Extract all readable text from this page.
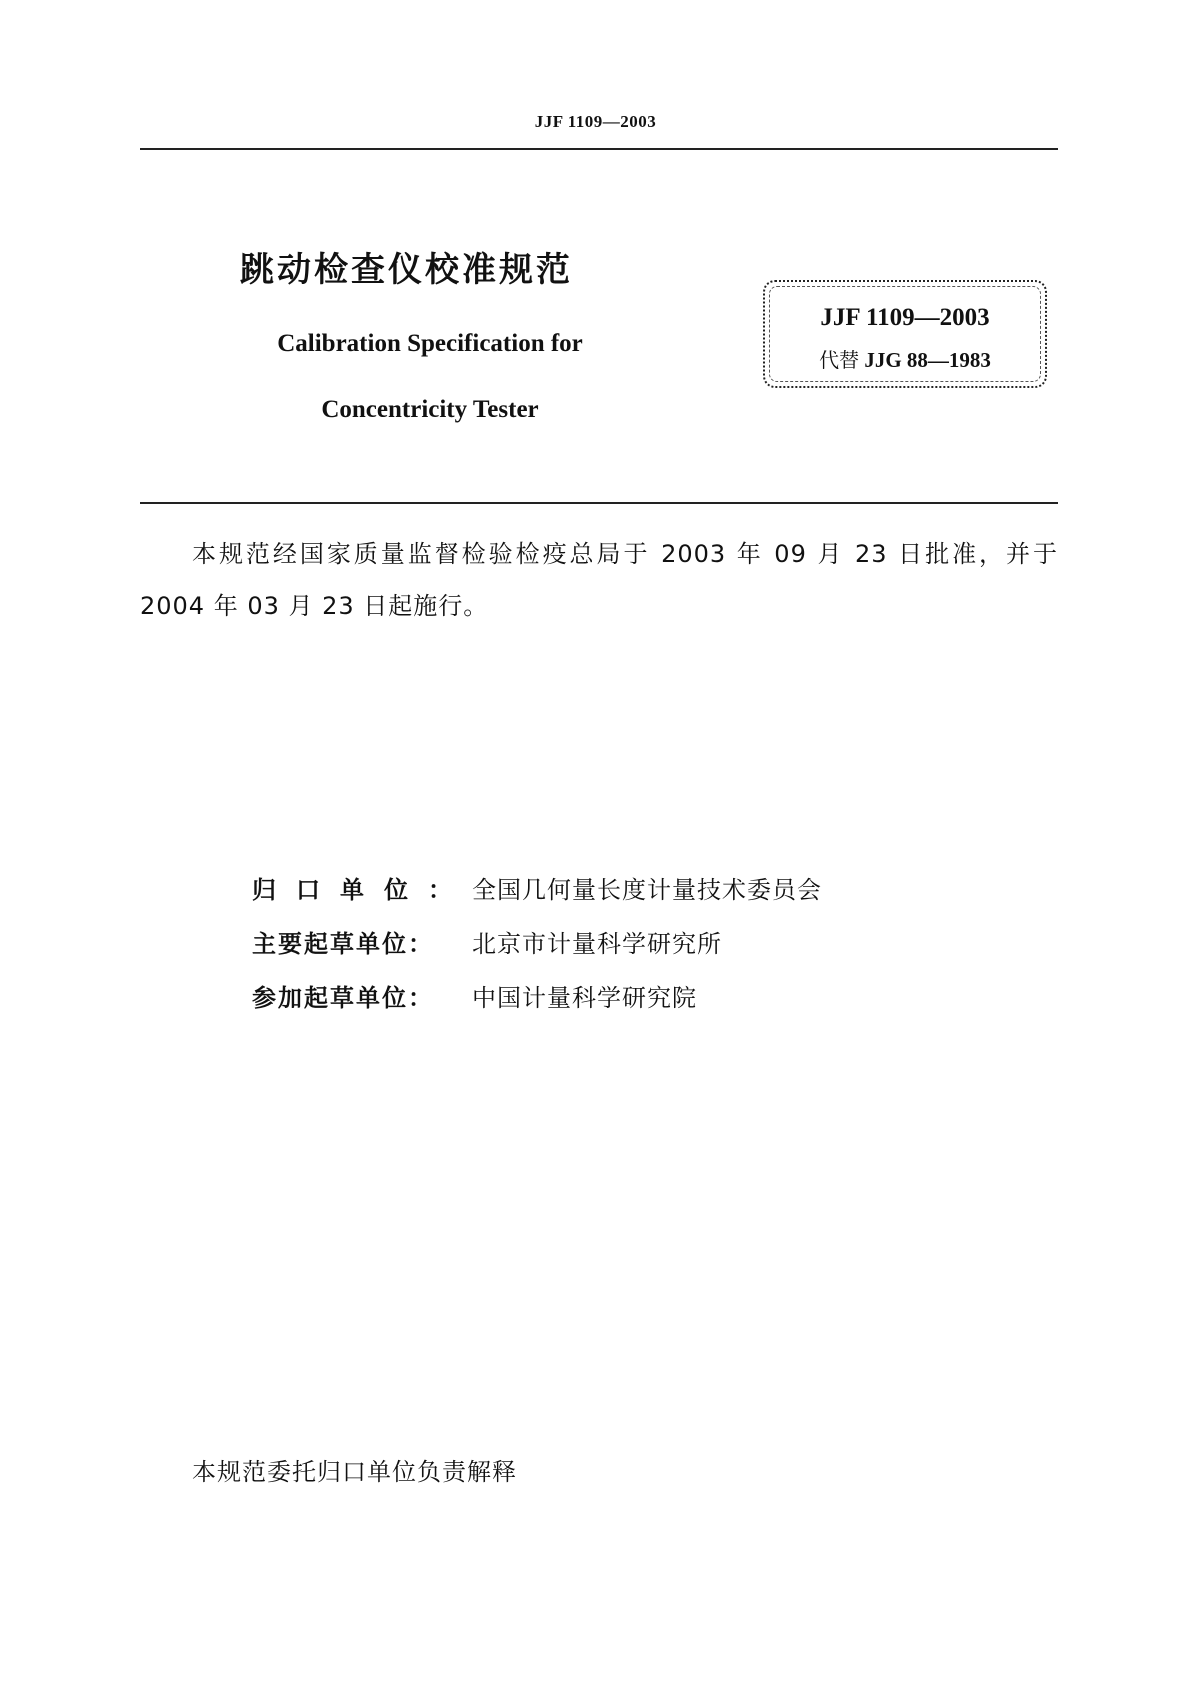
JJF 1109—2003
跳动检查仪校准规范
Calibration Specification for
Concentricity Tester
JJF 1109—2003
代替 JJG 88—1983
本规范经国家质量监督检验检疫总局于 2003 年 09 月 23 日批准，并于 2004 年 03 月 23 日起施行。
归口单位：全国几何量长度计量技术委员会
主要起草单位： 北京市计量科学研究所
参加起草单位： 中国计量科学研究院
本规范委托归口单位负责解释
